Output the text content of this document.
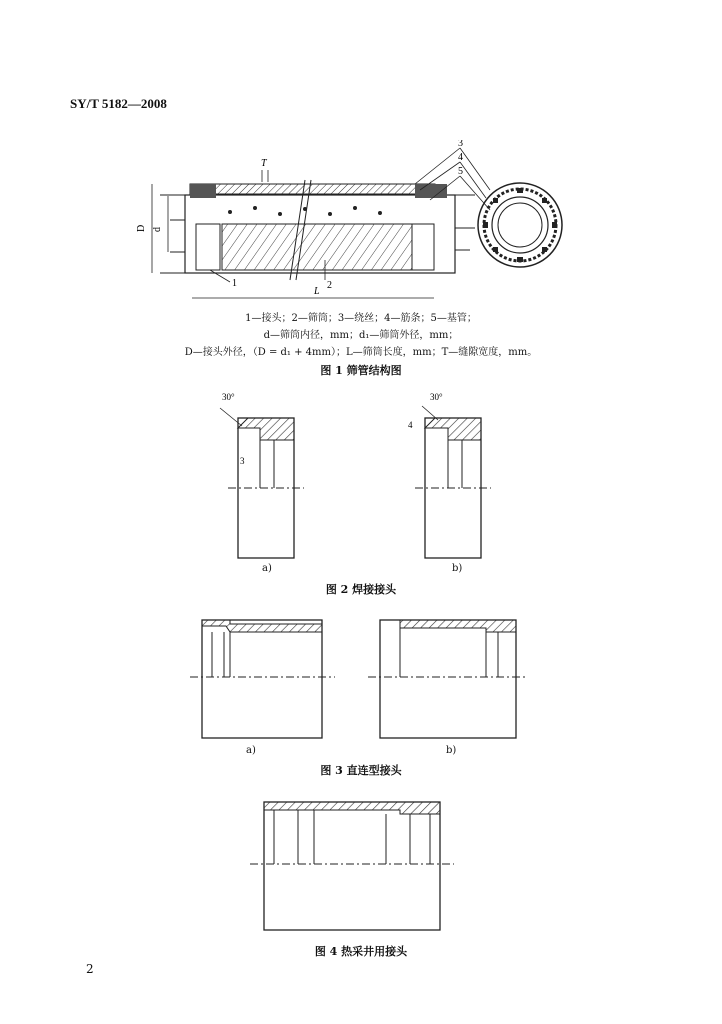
SY/T 5182—2008
D d
T
L
1	2
3
4
5
1—接头；2—筛筒；3—绕丝；4—筋条；5—基管；
d—筛筒内径，mm；d₁—筛筒外径，mm；
D—接头外径，（D = d₁ + 4mm）；L—筛筒长度，mm；T—缝隙宽度，mm。
图 1 筛管结构图
30°
3
30°
4
a)	b)
图 2 焊接接头
a)	b)
图 3 直连型接头
图 4 热采井用接头
2
